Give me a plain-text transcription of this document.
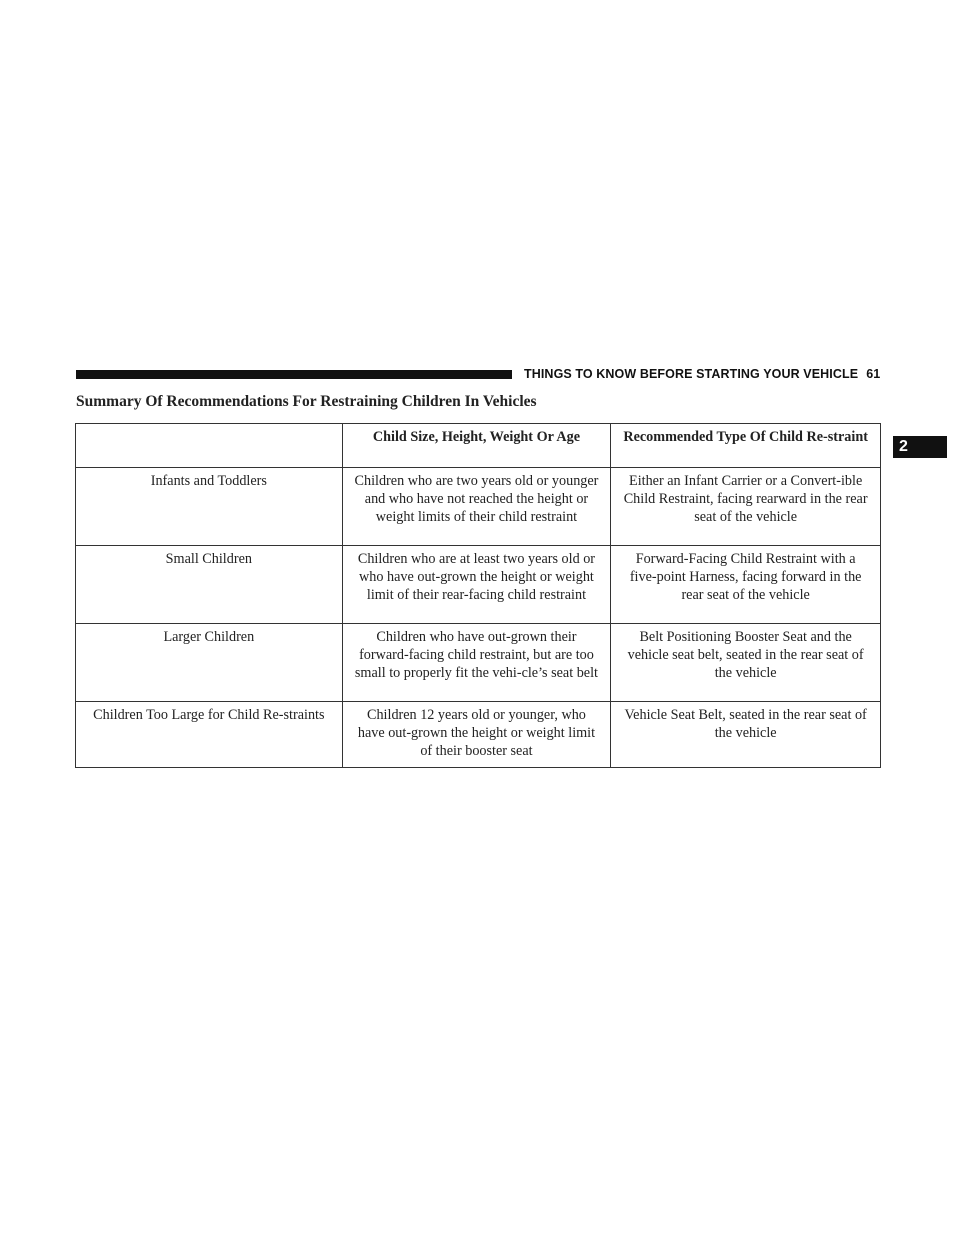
THINGS TO KNOW BEFORE STARTING YOUR VEHICLE 61
2
Summary Of Recommendations For Restraining Children In Vehicles
	Child Size, Height, Weight Or Age	Recommended Type Of Child Re-straint
Infants and Toddlers	Children who are two years old or younger and who have not reached the height or weight limits of their child restraint	Either an Infant Carrier or a Convert-ible Child Restraint, facing rearward in the rear seat of the vehicle
Small Children	Children who are at least two years old or who have out-grown the height or weight limit of their rear-facing child restraint	Forward-Facing Child Restraint with a five-point Harness, facing forward in the rear seat of the vehicle
Larger Children	Children who have out-grown their forward-facing child restraint, but are too small to properly fit the vehi-cle’s seat belt	Belt Positioning Booster Seat and the vehicle seat belt, seated in the rear seat of the vehicle
Children Too Large for Child Re-straints	Children 12 years old or younger, who have out-grown the height or weight limit of their booster seat	Vehicle Seat Belt, seated in the rear seat of the vehicle
